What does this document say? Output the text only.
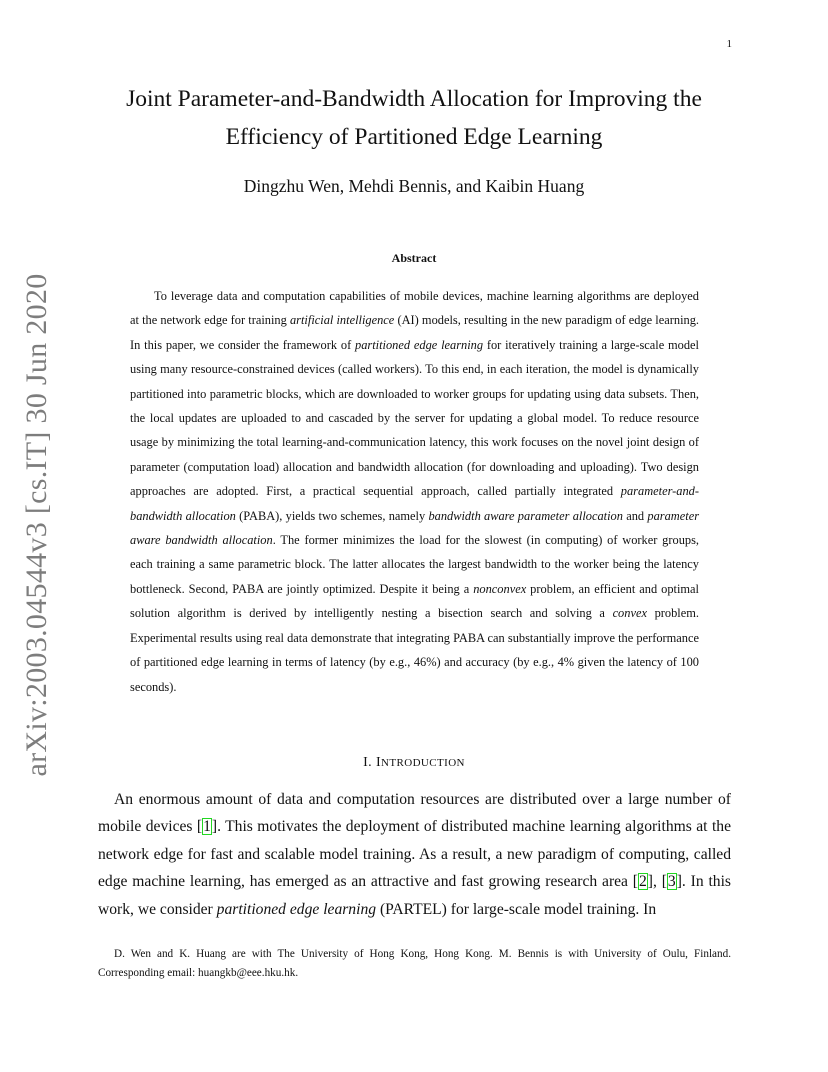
1
arXiv:2003.04544v3 [cs.IT] 30 Jun 2020
Joint Parameter-and-Bandwidth Allocation for Improving the
Efficiency of Partitioned Edge Learning
Dingzhu Wen, Mehdi Bennis, and Kaibin Huang
Abstract

To leverage data and computation capabilities of mobile devices, machine learning algorithms are deployed at the network edge for training artificial intelligence (AI) models, resulting in the new paradigm of edge learning. In this paper, we consider the framework of partitioned edge learning for iteratively training a large-scale model using many resource-constrained devices (called workers). To this end, in each iteration, the model is dynamically partitioned into parametric blocks, which are downloaded to worker groups for updating using data subsets. Then, the local updates are uploaded to and cascaded by the server for updating a global model. To reduce resource usage by minimizing the total learning-and-communication latency, this work focuses on the novel joint design of parameter (computation load) allocation and bandwidth allocation (for downloading and uploading). Two design approaches are adopted. First, a practical sequential approach, called partially integrated parameter-and-bandwidth allocation (PABA), yields two schemes, namely bandwidth aware parameter allocation and parameter aware bandwidth allocation. The former minimizes the load for the slowest (in computing) of worker groups, each training a same parametric block. The latter allocates the largest bandwidth to the worker being the latency bottleneck. Second, PABA are jointly optimized. Despite it being a nonconvex problem, an efficient and optimal solution algorithm is derived by intelligently nesting a bisection search and solving a convex problem. Experimental results using real data demonstrate that integrating PABA can substantially improve the performance of partitioned edge learning in terms of latency (by e.g., 46%) and accuracy (by e.g., 4% given the latency of 100 seconds).

I. INTRODUCTION

An enormous amount of data and computation resources are distributed over a large number of mobile devices [1]. This motivates the deployment of distributed machine learning algorithms at the network edge for fast and scalable model training. As a result, a new paradigm of computing, called edge machine learning, has emerged as an attractive and fast growing research area [2], [3]. In this work, we consider partitioned edge learning (PARTEL) for large-scale model training. In

D. Wen and K. Huang are with The University of Hong Kong, Hong Kong. M. Bennis is with University of Oulu, Finland. Corresponding email: huangkb@eee.hku.hk.
